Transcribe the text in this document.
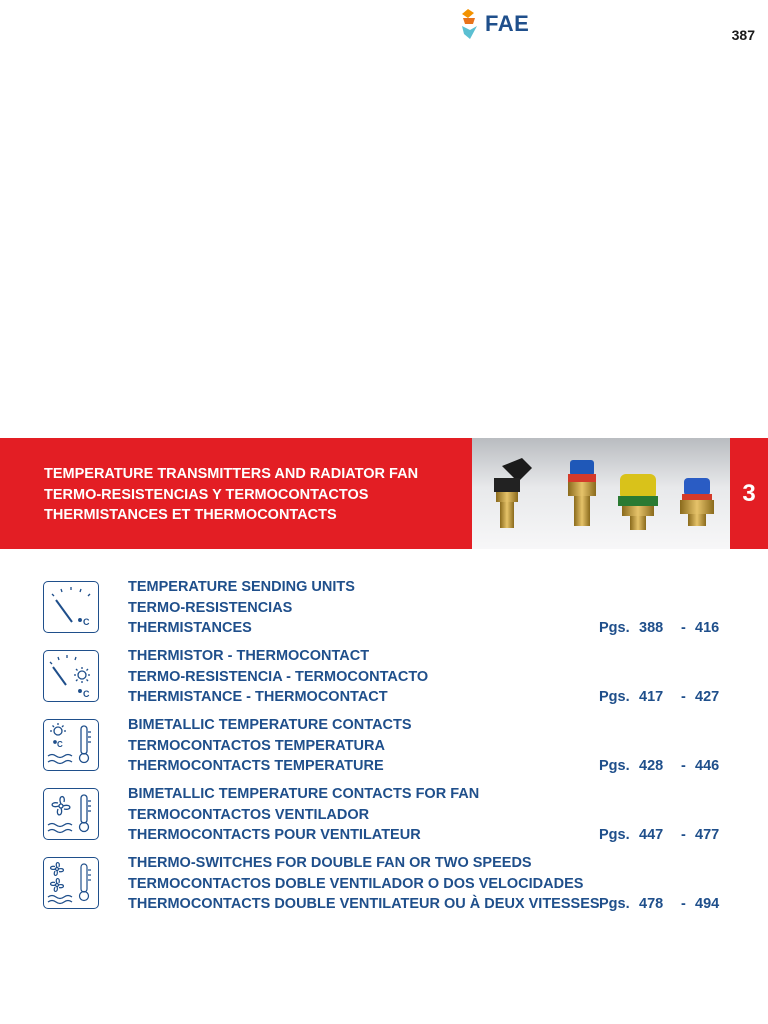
FAE	387
TEMPERATURE TRANSMITTERS AND RADIATOR FAN
TERMO-RESISTENCIAS Y TERMOCONTACTOS
THERMISTANCES ET THERMOCONTACTS
3
C
TEMPERATURE SENDING UNITS
TERMO-RESISTENCIAS
THERMISTANCES	Pgs. 388 - 416
C
THERMISTOR - THERMOCONTACT
TERMO-RESISTENCIA - TERMOCONTACTO
THERMISTANCE - THERMOCONTACT	Pgs. 417 - 427
C
BIMETALLIC TEMPERATURE CONTACTS
TERMOCONTACTOS TEMPERATURA
THERMOCONTACTS TEMPERATURE	Pgs. 428 - 446
BIMETALLIC TEMPERATURE CONTACTS FOR FAN
TERMOCONTACTOS VENTILADOR
THERMOCONTACTS POUR VENTILATEUR	Pgs. 447 - 477
THERMO-SWITCHES FOR DOUBLE FAN OR TWO SPEEDS
TERMOCONTACTOS DOBLE VENTILADOR O DOS VELOCIDADES
THERMOCONTACTS DOUBLE VENTILATEUR OU À DEUX VITESSES Pgs. 478 - 494
